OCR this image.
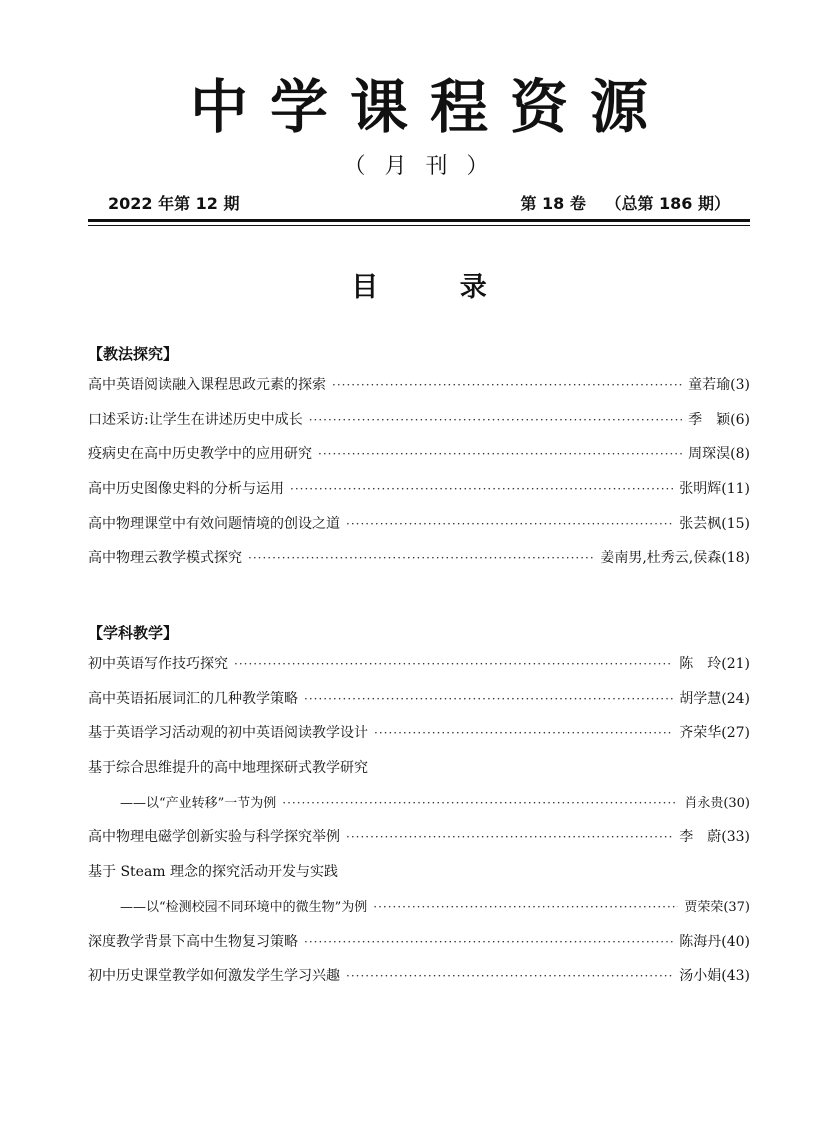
中学课程资源
（ 月 刊 ）
2022 年第 12 期	第 18 卷 （总第 186 期）
目	录
【教法探究】
高中英语阅读融入课程思政元素的探索 ·····	童若瑜(3)
口述采访:让学生在讲述历史中成长 ·····	季　颖(6)
疫病史在高中历史教学中的应用研究 ·····	周琛淏(8)
高中历史图像史料的分析与运用 ·····	张明辉(11)
高中物理课堂中有效问题情境的创设之道 ·····	张芸枫(15)
高中物理云教学模式探究 ·····	姜南男,杜秀云,侯森(18)
【学科教学】
初中英语写作技巧探究 ·····	陈　玲(21)
高中英语拓展词汇的几种教学策略 ·····	胡学慧(24)
基于英语学习活动观的初中英语阅读教学设计 ·····	齐荣华(27)
基于综合思维提升的高中地理探研式教学研究
——以“产业转移”一节为例 ·····	肖永贵(30)
高中物理电磁学创新实验与科学探究举例 ·····	李　蔚(33)
基于 Steam 理念的探究活动开发与实践
——以“检测校园不同环境中的微生物”为例 ·····	贾荣荣(37)
深度教学背景下高中生物复习策略 ·····	陈海丹(40)
初中历史课堂教学如何激发学生学习兴趣 ·····	汤小娟(43)
